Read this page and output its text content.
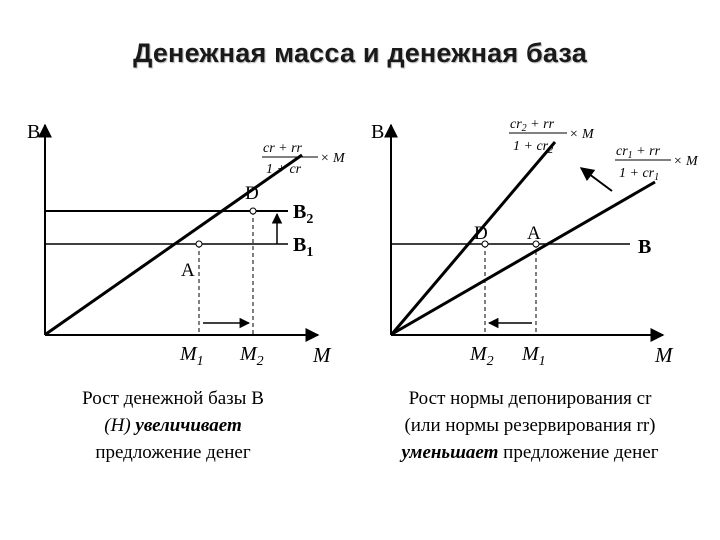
Денежная масса и денежная база
B
M
A
D
$B_2$
$B_1$
$M_1$ $M_2$
cr + rr
1 + cr
× M
B
M
D A
B
$M_2$ $M_1$
$cr_2$ + rr
$1 + cr_2$
× M
$cr_1$ + rr
$1 + cr_1$
× M
Рост денежной базы В
(Н) увеличивает
предложение денег
Рост нормы депонирования cr
(или нормы резервирования rr)
уменьшает предложение денег
